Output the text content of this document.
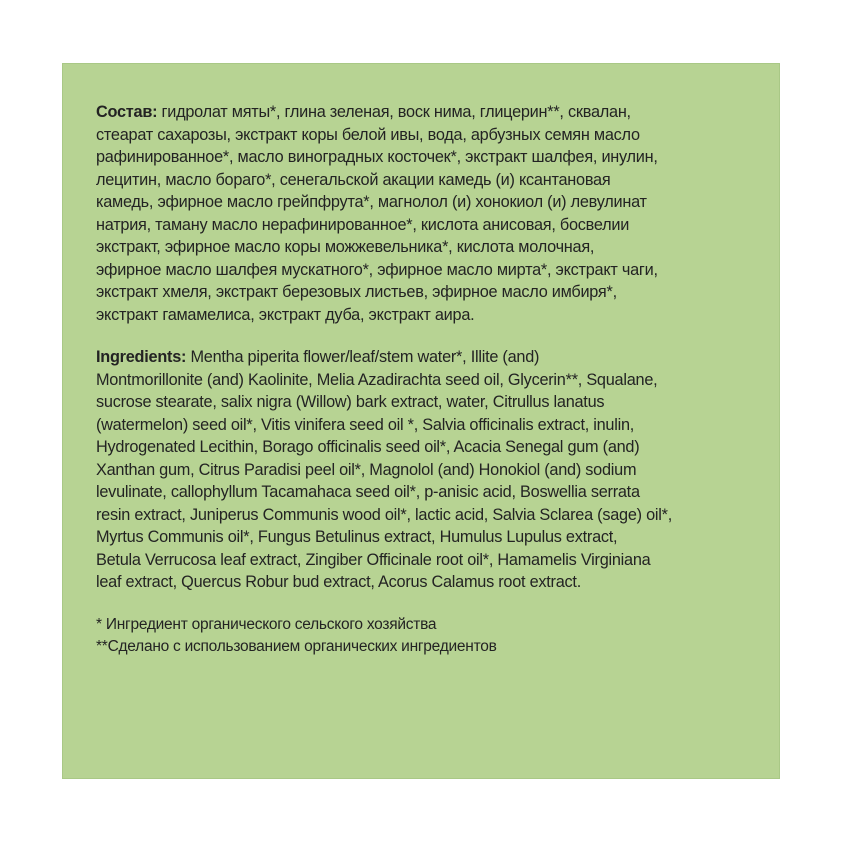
Состав: гидролат мяты*, глина зеленая, воск нима, глицерин**, сквалан,
стеарат сахарозы, экстракт коры белой ивы, вода, арбузных семян масло
рафинированное*, масло виноградных косточек*, экстракт шалфея, инулин,
лецитин, масло бораго*, сенегальской акации камедь (и) ксантановая
камедь, эфирное масло грейпфрута*, магнолол (и) хонокиол (и) левулинат
натрия, таману масло нерафинированное*, кислота анисовая, босвелии
экстракт, эфирное масло коры можжевельника*, кислота молочная,
эфирное масло шалфея мускатного*, эфирное масло мирта*, экстракт чаги,
экстракт хмеля, экстракт березовых листьев, эфирное масло имбиря*,
экстракт гамамелиса, экстракт дуба, экстракт аира.
Ingredients: Mentha piperita flower/leaf/stem water*, Illite (and)
Montmorillonite (and) Kaolinite, Melia Azadirachta seed oil, Glycerin**, Squalane,
sucrose stearate, salix nigra (Willow) bark extract, water, Citrullus lanatus
(watermelon) seed oil*, Vitis vinifera seed oil *, Salvia officinalis extract, inulin,
Hydrogenated Lecithin, Borago officinalis seed oil*, Acacia Senegal gum (and)
Xanthan gum, Citrus Paradisi peel oil*, Magnolol (and) Honokiol (and) sodium
levulinate, callophyllum Tacamahaca seed oil*, p-anisic acid, Boswellia serrata
resin extract, Juniperus Communis wood oil*, lactic acid, Salvia Sclarea (sage) oil*,
Myrtus Communis oil*, Fungus Betulinus extract, Humulus Lupulus extract,
Betula Verrucosa leaf extract, Zingiber Officinale root oil*, Hamamelis Virginiana
leaf extract, Quercus Robur bud extract, Acorus Calamus root extract.
* Ингредиент органического сельского хозяйства
**Сделано с использованием органических ингредиентов
